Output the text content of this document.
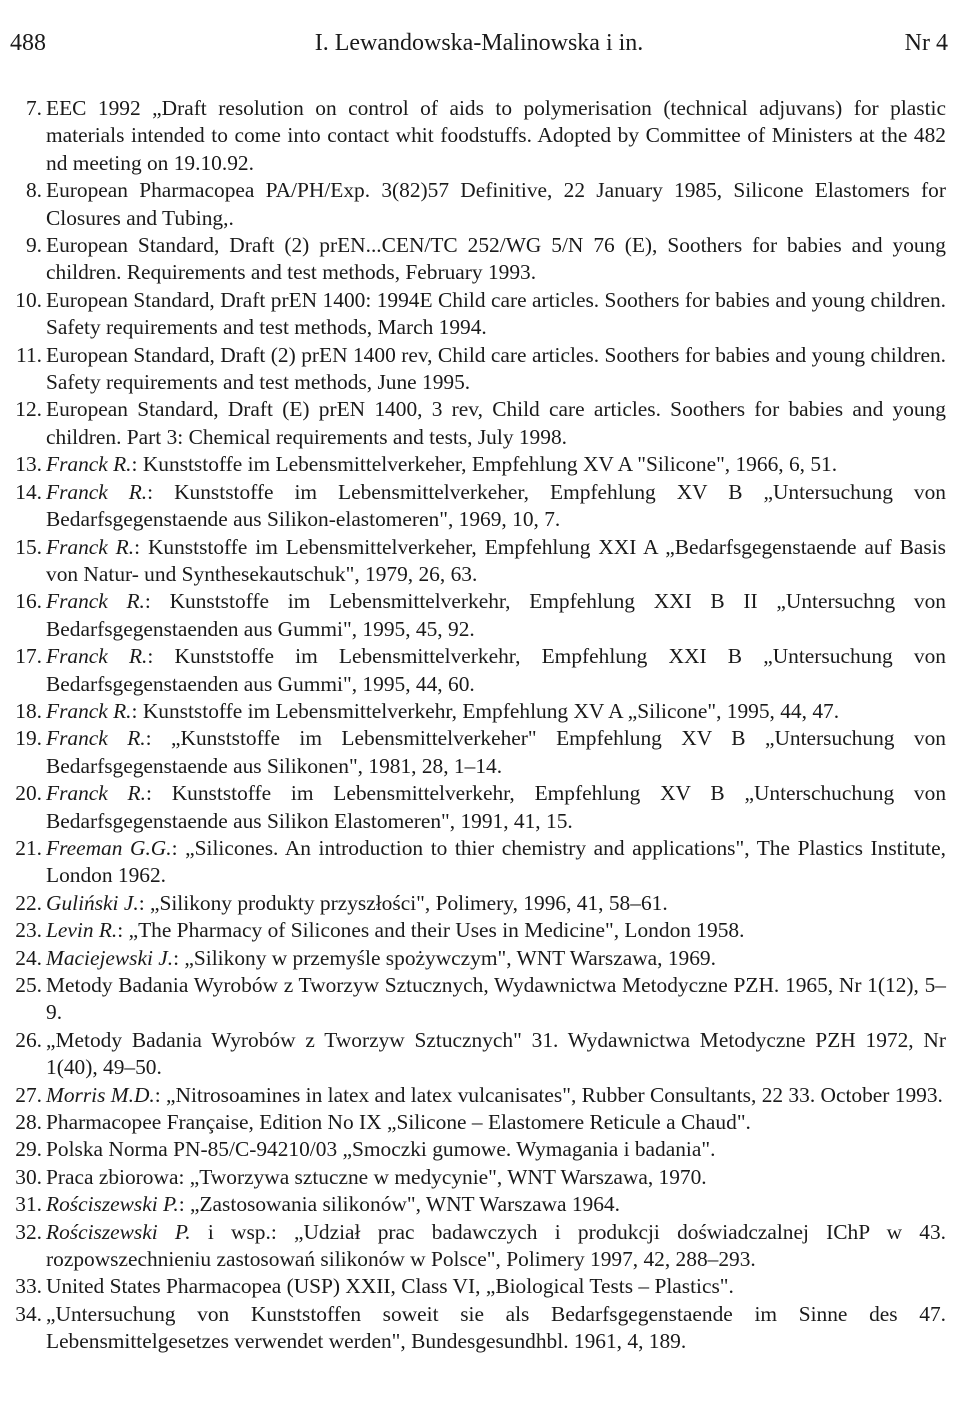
488	I. Lewandowska-Malinowska i in.	Nr 4
7. EEC 1992 „Draft resolution on control of aids to polymerisation (technical adjuvans) for plastic materials intended to come into contact whit foodstuffs. Adopted by Committee of Ministers at the 482 nd meeting on 19.10.92.
8. European Pharmacopea PA/PH/Exp. 3(82)57 Definitive, 22 January 1985, Silicone Elastomers for Closures and Tubing,.
9. European Standard, Draft (2) prEN...CEN/TC 252/WG 5/N 76 (E), Soothers for babies and young children. Requirements and test methods, February 1993.
10. European Standard, Draft prEN 1400: 1994E Child care articles. Soothers for babies and young children. Safety requirements and test methods, March 1994.
11. European Standard, Draft (2) prEN 1400 rev, Child care articles. Soothers for babies and young children. Safety requirements and test methods, June 1995.
12. European Standard, Draft (E) prEN 1400, 3 rev, Child care articles. Soothers for babies and young children. Part 3: Chemical requirements and tests, July 1998.
13. Franck R.: Kunststoffe im Lebensmittelverkeher, Empfehlung XV A "Silicone", 1966, 6, 51.
14. Franck R.: Kunststoffe im Lebensmittelverkeher, Empfehlung XV B „Untersuchung von Bedarfsgegenstaende aus Silikon-elastomeren", 1969, 10, 7.
15. Franck R.: Kunststoffe im Lebensmittelverkeher, Empfehlung XXI A „Bedarfsgegenstaende auf Basis von Natur- und Synthesekautschuk", 1979, 26, 63.
16. Franck R.: Kunststoffe im Lebensmittelverkehr, Empfehlung XXI B II „Untersuchng von Bedarfsgegenstaenden aus Gummi", 1995, 45, 92.
17. Franck R.: Kunststoffe im Lebensmittelverkehr, Empfehlung XXI B „Untersuchung von Bedarfsgegenstaenden aus Gummi", 1995, 44, 60.
18. Franck R.: Kunststoffe im Lebensmittelverkehr, Empfehlung XV A „Silicone", 1995, 44, 47.
19. Franck R.: „Kunststoffe im Lebensmittelverkeher" Empfehlung XV B „Untersuchung von Bedarfsgegenstaende aus Silikonen", 1981, 28, 1–14.
20. Franck R.: Kunststoffe im Lebensmittelverkehr, Empfehlung XV B „Unterschuchung von Bedarfsgegenstaende aus Silikon Elastomeren", 1991, 41, 15.
21. Freeman G.G.: „Silicones. An introduction to thier chemistry and applications", The Plastics Institute, London 1962.
22. Guliński J.: „Silikony produkty przyszłości", Polimery, 1996, 41, 58–61.
23. Levin R.: „The Pharmacy of Silicones and their Uses in Medicine", London 1958.
24. Maciejewski J.: „Silikony w przemyśle spożywczym", WNT Warszawa, 1969.
25. Metody Badania Wyrobów z Tworzyw Sztucznych, Wydawnictwa Metodyczne PZH. 1965, Nr 1(12), 5–9.
26. „Metody Badania Wyrobów z Tworzyw Sztucznych" 31. Wydawnictwa Metodyczne PZH 1972, Nr 1(40), 49–50.
27. Morris M.D.: „Nitrosoamines in latex and latex vulcanisates", Rubber Consultants, 22 33. October 1993.
28. Pharmacopee Française, Edition No IX „Silicone – Elastomere Reticule a Chaud".
29. Polska Norma PN-85/C-94210/03 „Smoczki gumowe. Wymagania i badania".
30. Praca zbiorowa: „Tworzywa sztuczne w medycynie", WNT Warszawa, 1970.
31. Rościszewski P.: „Zastosowania silikonów", WNT Warszawa 1964.
32. Rościszewski P. i wsp.: „Udział prac badawczych i produkcji doświadczalnej IChP w 43. rozpowszechnieniu zastosowań silikonów w Polsce", Polimery 1997, 42, 288–293.
33. United States Pharmacopea (USP) XXII, Class VI, „Biological Tests – Plastics".
34. „Untersuchung von Kunststoffen soweit sie als Bedarfsgegenstaende im Sinne des 47. Lebensmittelgesetzes verwendet werden", Bundesgesundhbl. 1961, 4, 189.
